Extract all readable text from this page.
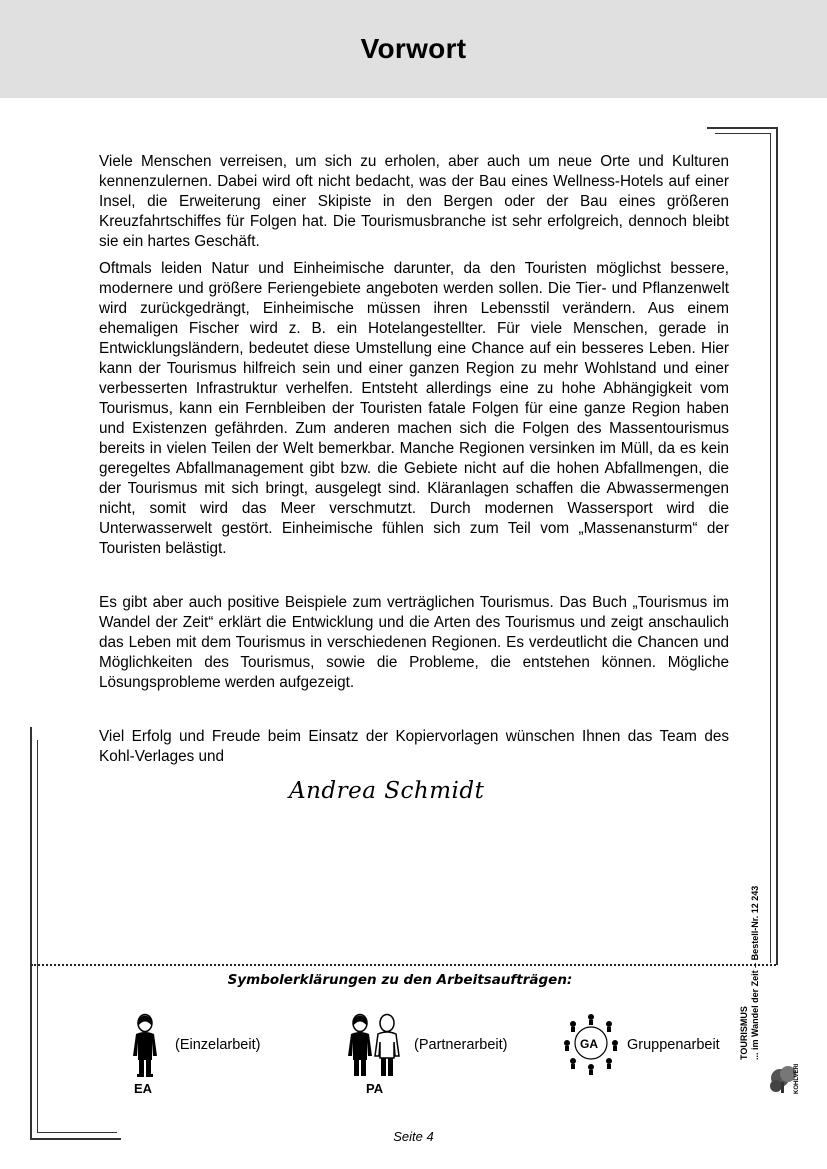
Vorwort

Viele Menschen verreisen, um sich zu erholen, aber auch um neue Orte und Kulturen kennenzulernen. Dabei wird oft nicht bedacht, was der Bau eines Wellness-Hotels auf einer Insel, die Erweiterung einer Skipiste in den Bergen oder der Bau eines größeren Kreuzfahrtschiffes für Folgen hat. Die Tourismusbranche ist sehr erfolgreich, dennoch bleibt sie ein hartes Geschäft.

Oftmals leiden Natur und Einheimische darunter, da den Touristen möglichst bessere, modernere und größere Feriengebiete angeboten werden sollen. Die Tier- und Pflanzenwelt wird zurückgedrängt, Einheimische müssen ihren Lebensstil verändern. Aus einem ehemaligen Fischer wird z. B. ein Hotelangestellter. Für viele Menschen, gerade in Entwicklungsländern, bedeutet diese Umstellung eine Chance auf ein besseres Leben. Hier kann der Tourismus hilfreich sein und einer ganzen Region zu mehr Wohlstand und einer verbesserten Infrastruktur verhelfen. Entsteht allerdings eine zu hohe Abhängigkeit vom Tourismus, kann ein Fernbleiben der Touristen fatale Folgen für eine ganze Region haben und Existenzen gefährden. Zum anderen machen sich die Folgen des Massentourismus bereits in vielen Teilen der Welt bemerkbar. Manche Regionen versinken im Müll, da es kein geregeltes Abfallmanagement gibt bzw. die Gebiete nicht auf die hohen Abfallmengen, die der Tourismus mit sich bringt, ausgelegt sind. Kläranlagen schaffen die Abwassermengen nicht, somit wird das Meer verschmutzt. Durch modernen Wassersport wird die Unterwasserwelt gestört. Einheimische fühlen sich zum Teil vom „Massenansturm“ der Touristen belästigt.

Es gibt aber auch positive Beispiele zum verträglichen Tourismus. Das Buch „Tourismus im Wandel der Zeit“ erklärt die Entwicklung und die Arten des Tourismus und zeigt anschaulich das Leben mit dem Tourismus in verschiedenen Regionen. Es verdeutlicht die Chancen und Möglichkeiten des Tourismus, sowie die Probleme, die entstehen können. Mögliche Lösungsprobleme werden aufgezeigt.

Viel Erfolg und Freude beim Einsatz der Kopiervorlagen wünschen Ihnen das Team des Kohl-Verlages und

Andrea Schmidt
Symbolerklärungen zu den Arbeitsaufträgen:
(Einzelarbeit)
EA
(Partnerarbeit)
PA
GA Gruppenarbeit TOURISMUS ... im Wandel der Zeit – Bestell-Nr. 12 243
KOHLVERLAG
Seite 4
